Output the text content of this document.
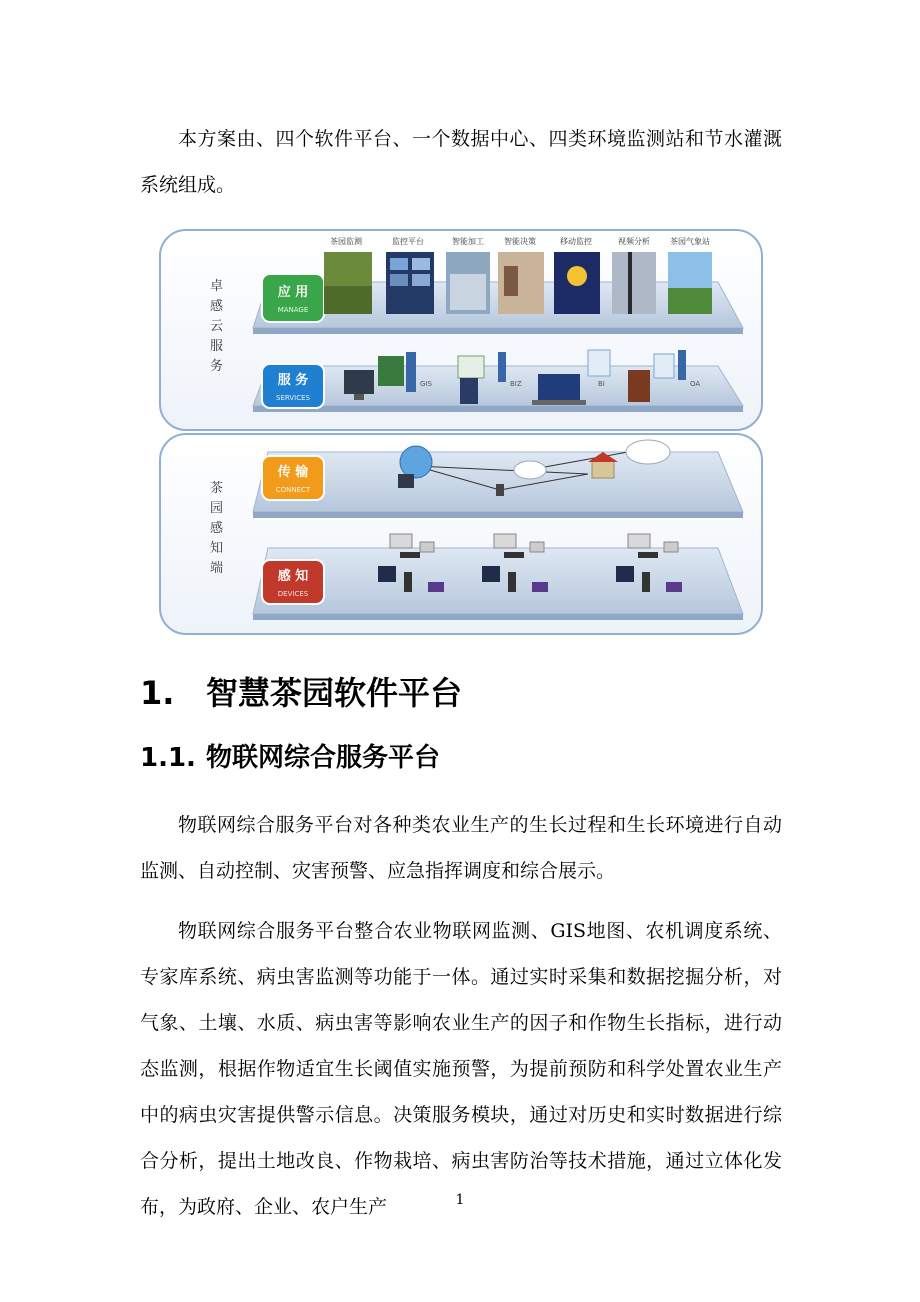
本方案由、四个软件平台、一个数据中心、四类环境监测站和节水灌溉系统组成。

卓
感
云
服
务
茶
园
感
知
端
应 用
MANAGE
服 务
SERVICES
传 输
CONNECT
感 知
DEVICES
茶园监测	监控平台	智能加工	智能决策	移动监控	视频分析	茶园气象站
GIS	BIZ	BI	OA
1. 智慧茶园软件平台
1.1. 物联网综合服务平台

物联网综合服务平台对各种类农业生产的生长过程和生长环境进行自动监测、自动控制、灾害预警、应急指挥调度和综合展示。

物联网综合服务平台整合农业物联网监测、GIS地图、农机调度系统、专家库系统、病虫害监测等功能于一体。通过实时采集和数据挖掘分析，对气象、土壤、水质、病虫害等影响农业生产的因子和作物生长指标，进行动态监测，根据作物适宜生长阈值实施预警，为提前预防和科学处置农业生产中的病虫灾害提供警示信息。决策服务模块，通过对历史和实时数据进行综合分析，提出土地改良、作物栽培、病虫害防治等技术措施，通过立体化发布，为政府、企业、农户生产	1
